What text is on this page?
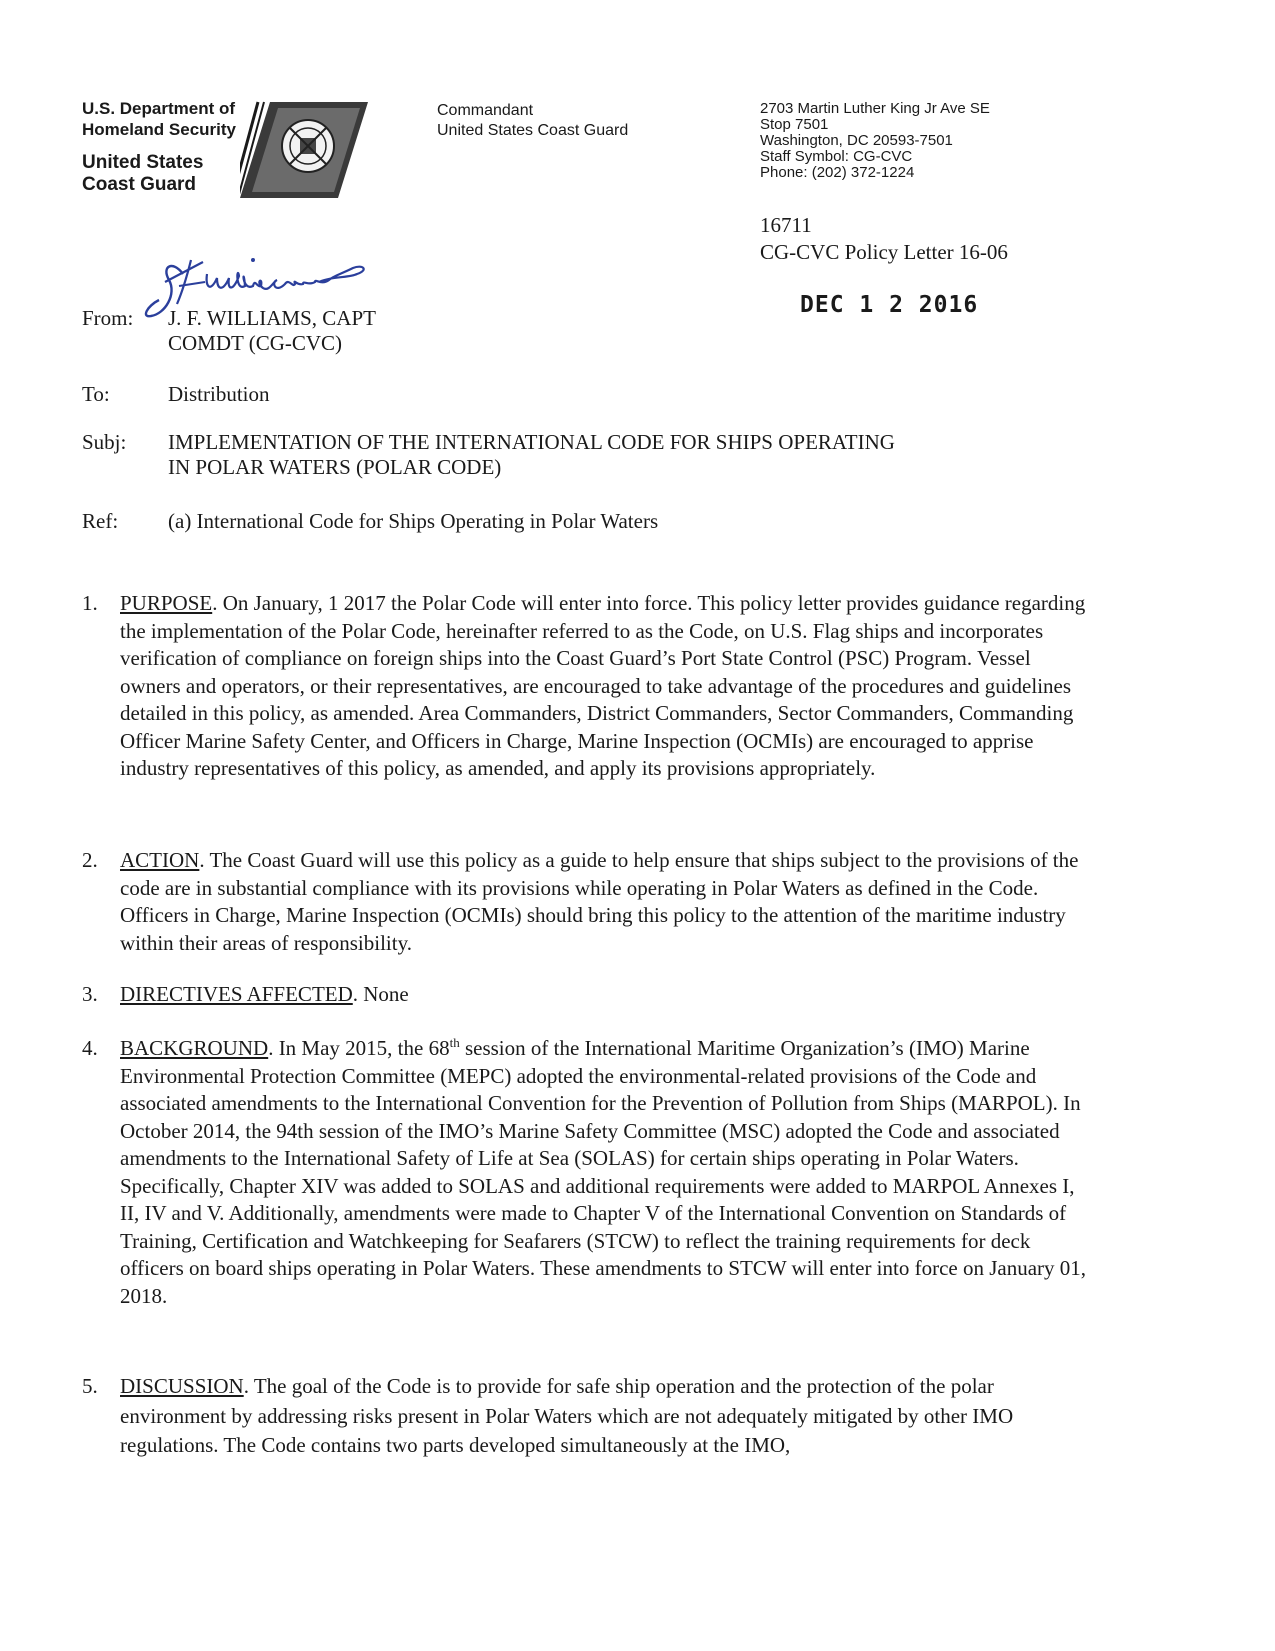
U.S. Department of
Homeland Security
United States
Coast Guard
Commandant
United States Coast Guard
2703 Martin Luther King Jr Ave SE
Stop 7501
Washington, DC 20593-7501
Staff Symbol: CG-CVC
Phone: (202) 372-1224
16711
CG-CVC Policy Letter 16-06
DEC 1 2 2016
From: J. F. WILLIAMS, CAPT
COMDT (CG-CVC)
To:	Distribution
Subj: IMPLEMENTATION OF THE INTERNATIONAL CODE FOR SHIPS OPERATING
IN POLAR WATERS (POLAR CODE)
Ref: (a) International Code for Ships Operating in Polar Waters
1.	PURPOSE. On January, 1 2017 the Polar Code will enter into force. This policy letter provides guidance regarding the implementation of the Polar Code, hereinafter referred to as the Code, on U.S. Flag ships and incorporates verification of compliance on foreign ships into the Coast Guard’s Port State Control (PSC) Program. Vessel owners and operators, or their representatives, are encouraged to take advantage of the procedures and guidelines detailed in this policy, as amended. Area Commanders, District Commanders, Sector Commanders, Commanding Officer Marine Safety Center, and Officers in Charge, Marine Inspection (OCMIs) are encouraged to apprise industry representatives of this policy, as amended, and apply its provisions appropriately.
2.	ACTION. The Coast Guard will use this policy as a guide to help ensure that ships subject to the provisions of the code are in substantial compliance with its provisions while operating in Polar Waters as defined in the Code. Officers in Charge, Marine Inspection (OCMIs) should bring this policy to the attention of the maritime industry within their areas of responsibility.
3.	DIRECTIVES AFFECTED. None
4.	BACKGROUND. In May 2015, the 68th session of the International Maritime Organization’s (IMO) Marine Environmental Protection Committee (MEPC) adopted the environmental-related provisions of the Code and associated amendments to the International Convention for the Prevention of Pollution from Ships (MARPOL). In October 2014, the 94th session of the IMO’s Marine Safety Committee (MSC) adopted the Code and associated amendments to the International Safety of Life at Sea (SOLAS) for certain ships operating in Polar Waters. Specifically, Chapter XIV was added to SOLAS and additional requirements were added to MARPOL Annexes I, II, IV and V. Additionally, amendments were made to Chapter V of the International Convention on Standards of Training, Certification and Watchkeeping for Seafarers (STCW) to reflect the training requirements for deck officers on board ships operating in Polar Waters. These amendments to STCW will enter into force on January 01, 2018.
5.	DISCUSSION. The goal of the Code is to provide for safe ship operation and the protection of the polar environment by addressing risks present in Polar Waters which are not adequately mitigated by other IMO regulations. The Code contains two parts developed simultaneously at the IMO,
